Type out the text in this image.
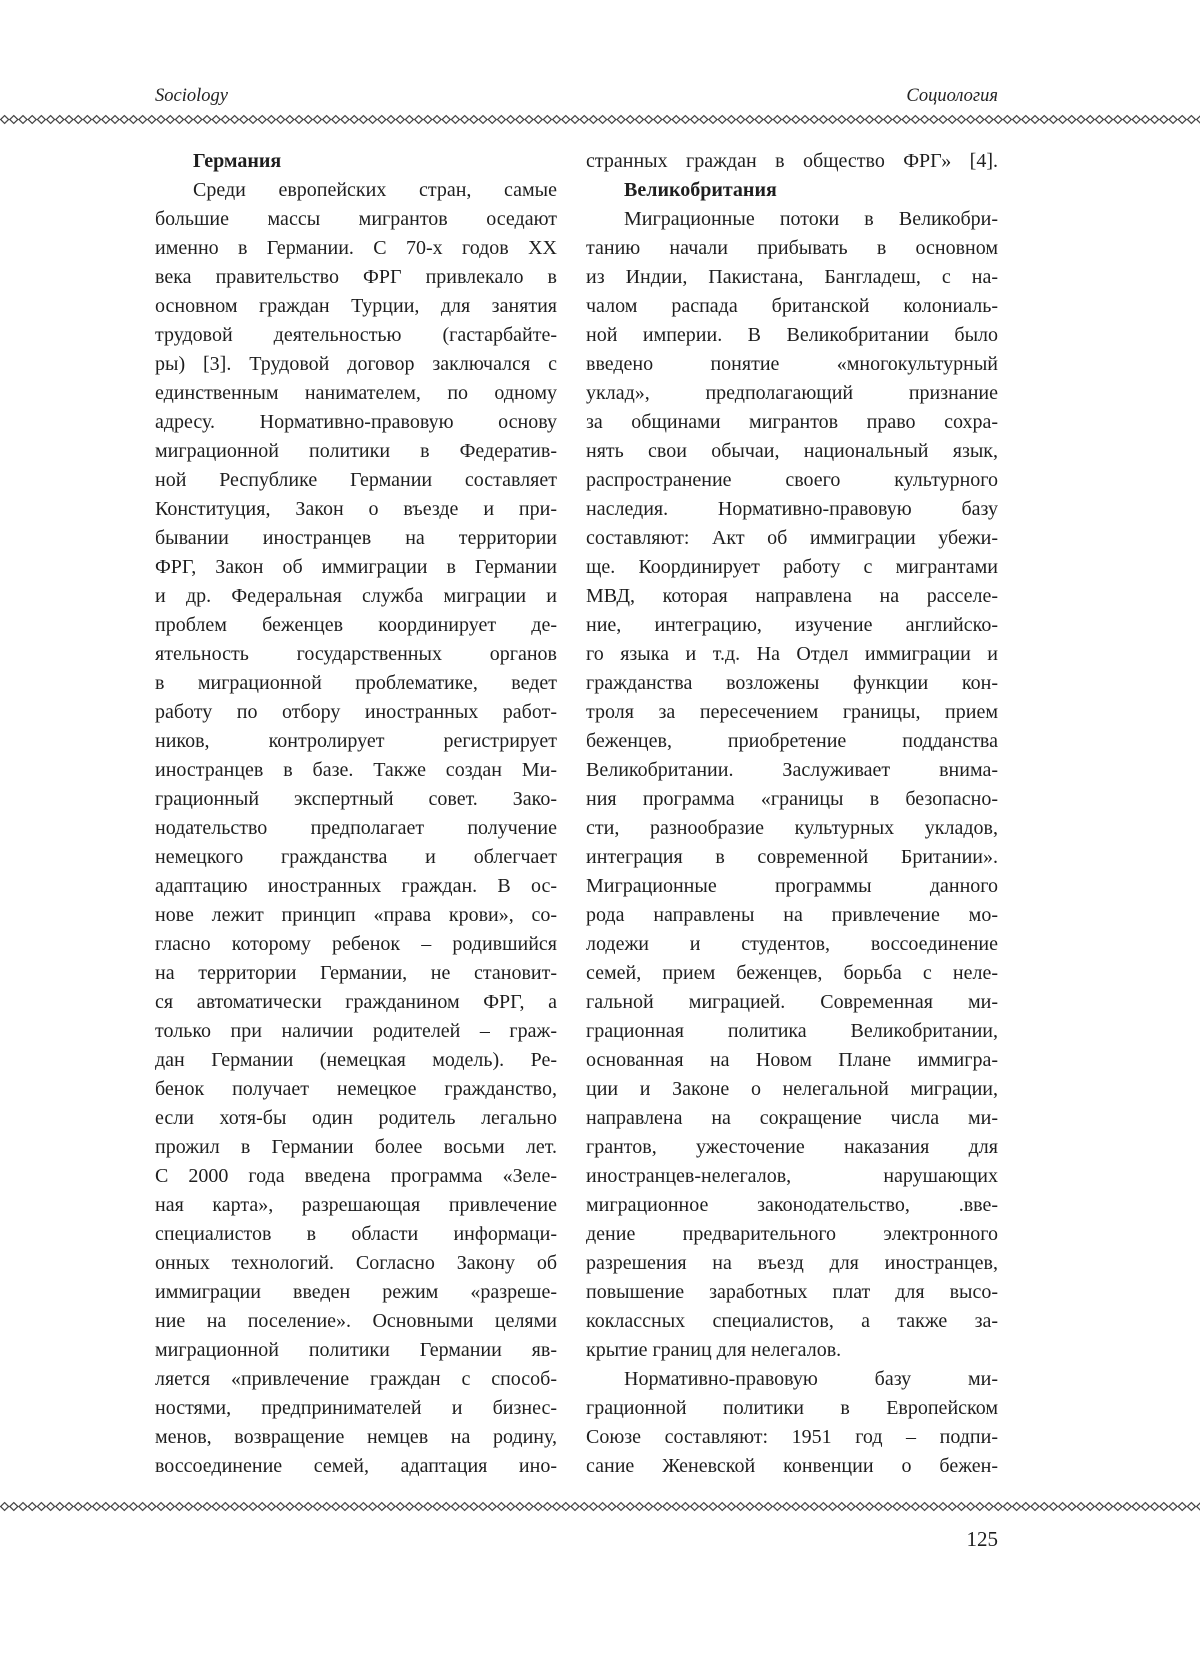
Sociology	Социология
Германия
Среди европейских стран, самые
большие массы мигрантов оседают
именно в Германии. С 70-х годов XX
века правительство ФРГ привлекало в
основном граждан Турции, для занятия
трудовой деятельностью (гастарбайте-
ры) [3]. Трудовой договор заключался с
единственным нанимателем, по одному
адресу. Нормативно-правовую основу
миграционной политики в Федератив-
ной Республике Германии составляет
Конституция, Закон о въезде и при-
бывании иностранцев на территории
ФРГ, Закон об иммиграции в Германии
и др. Федеральная служба миграции и
проблем беженцев координирует де-
ятельность государственных органов
в миграционной проблематике, ведет
работу по отбору иностранных работ-
ников, контролирует регистрирует
иностранцев в базе. Также создан Ми-
грационный экспертный совет. Зако-
нодательство предполагает получение
немецкого гражданства и облегчает
адаптацию иностранных граждан. В ос-
нове лежит принцип «права крови», со-
гласно которому ребенок – родившийся
на территории Германии, не становит-
ся автоматически гражданином ФРГ, а
только при наличии родителей – граж-
дан Германии (немецкая модель). Ре-
бенок получает немецкое гражданство,
если хотя-бы один родитель легально
прожил в Германии более восьми лет.
С 2000 года введена программа «Зеле-
ная карта», разрешающая привлечение
специалистов в области информаци-
онных технологий. Согласно Закону об
иммиграции введен режим «разреше-
ние на поселение». Основными целями
миграционной политики Германии яв-
ляется «привлечение граждан с способ-
ностями, предпринимателей и бизнес-
менов, возвращение немцев на родину,
воссоединение семей, адаптация ино-
странных граждан в общество ФРГ» [4].
Великобритания
Миграционные потоки в Великобри-
танию начали прибывать в основном
из Индии, Пакистана, Бангладеш, с на-
чалом распада британской колониаль-
ной империи. В Великобритании было
введено понятие «многокультурный
уклад», предполагающий признание
за общинами мигрантов право сохра-
нять свои обычаи, национальный язык,
распространение своего культурного
наследия. Нормативно-правовую базу
составляют: Акт об иммиграции убежи-
ще. Координирует работу с мигрантами
МВД, которая направлена на расселе-
ние, интеграцию, изучение английско-
го языка и т.д. На Отдел иммиграции и
гражданства возложены функции кон-
троля за пересечением границы, прием
беженцев, приобретение подданства
Великобритании. Заслуживает внима-
ния программа «границы в безопасно-
сти, разнообразие культурных укладов,
интеграция в современной Британии».
Миграционные программы данного
рода направлены на привлечение мо-
лодежи и студентов, воссоединение
семей, прием беженцев, борьба с неле-
гальной миграцией. Современная ми-
грационная политика Великобритании,
основанная на Новом Плане иммигра-
ции и Законе о нелегальной миграции,
направлена на сокращение числа ми-
грантов, ужесточение наказания для
иностранцев-нелегалов, нарушающих
миграционное законодательство, .вве-
дение предварительного электронного
разрешения на въезд для иностранцев,
повышение заработных плат для высо-
коклассных специалистов, а также за-
крытие границ для нелегалов.
Нормативно-правовую базу ми-
грационной политики в Европейском
Союзе составляют: 1951 год – подпи-
сание Женевской конвенции о бежен-
125
